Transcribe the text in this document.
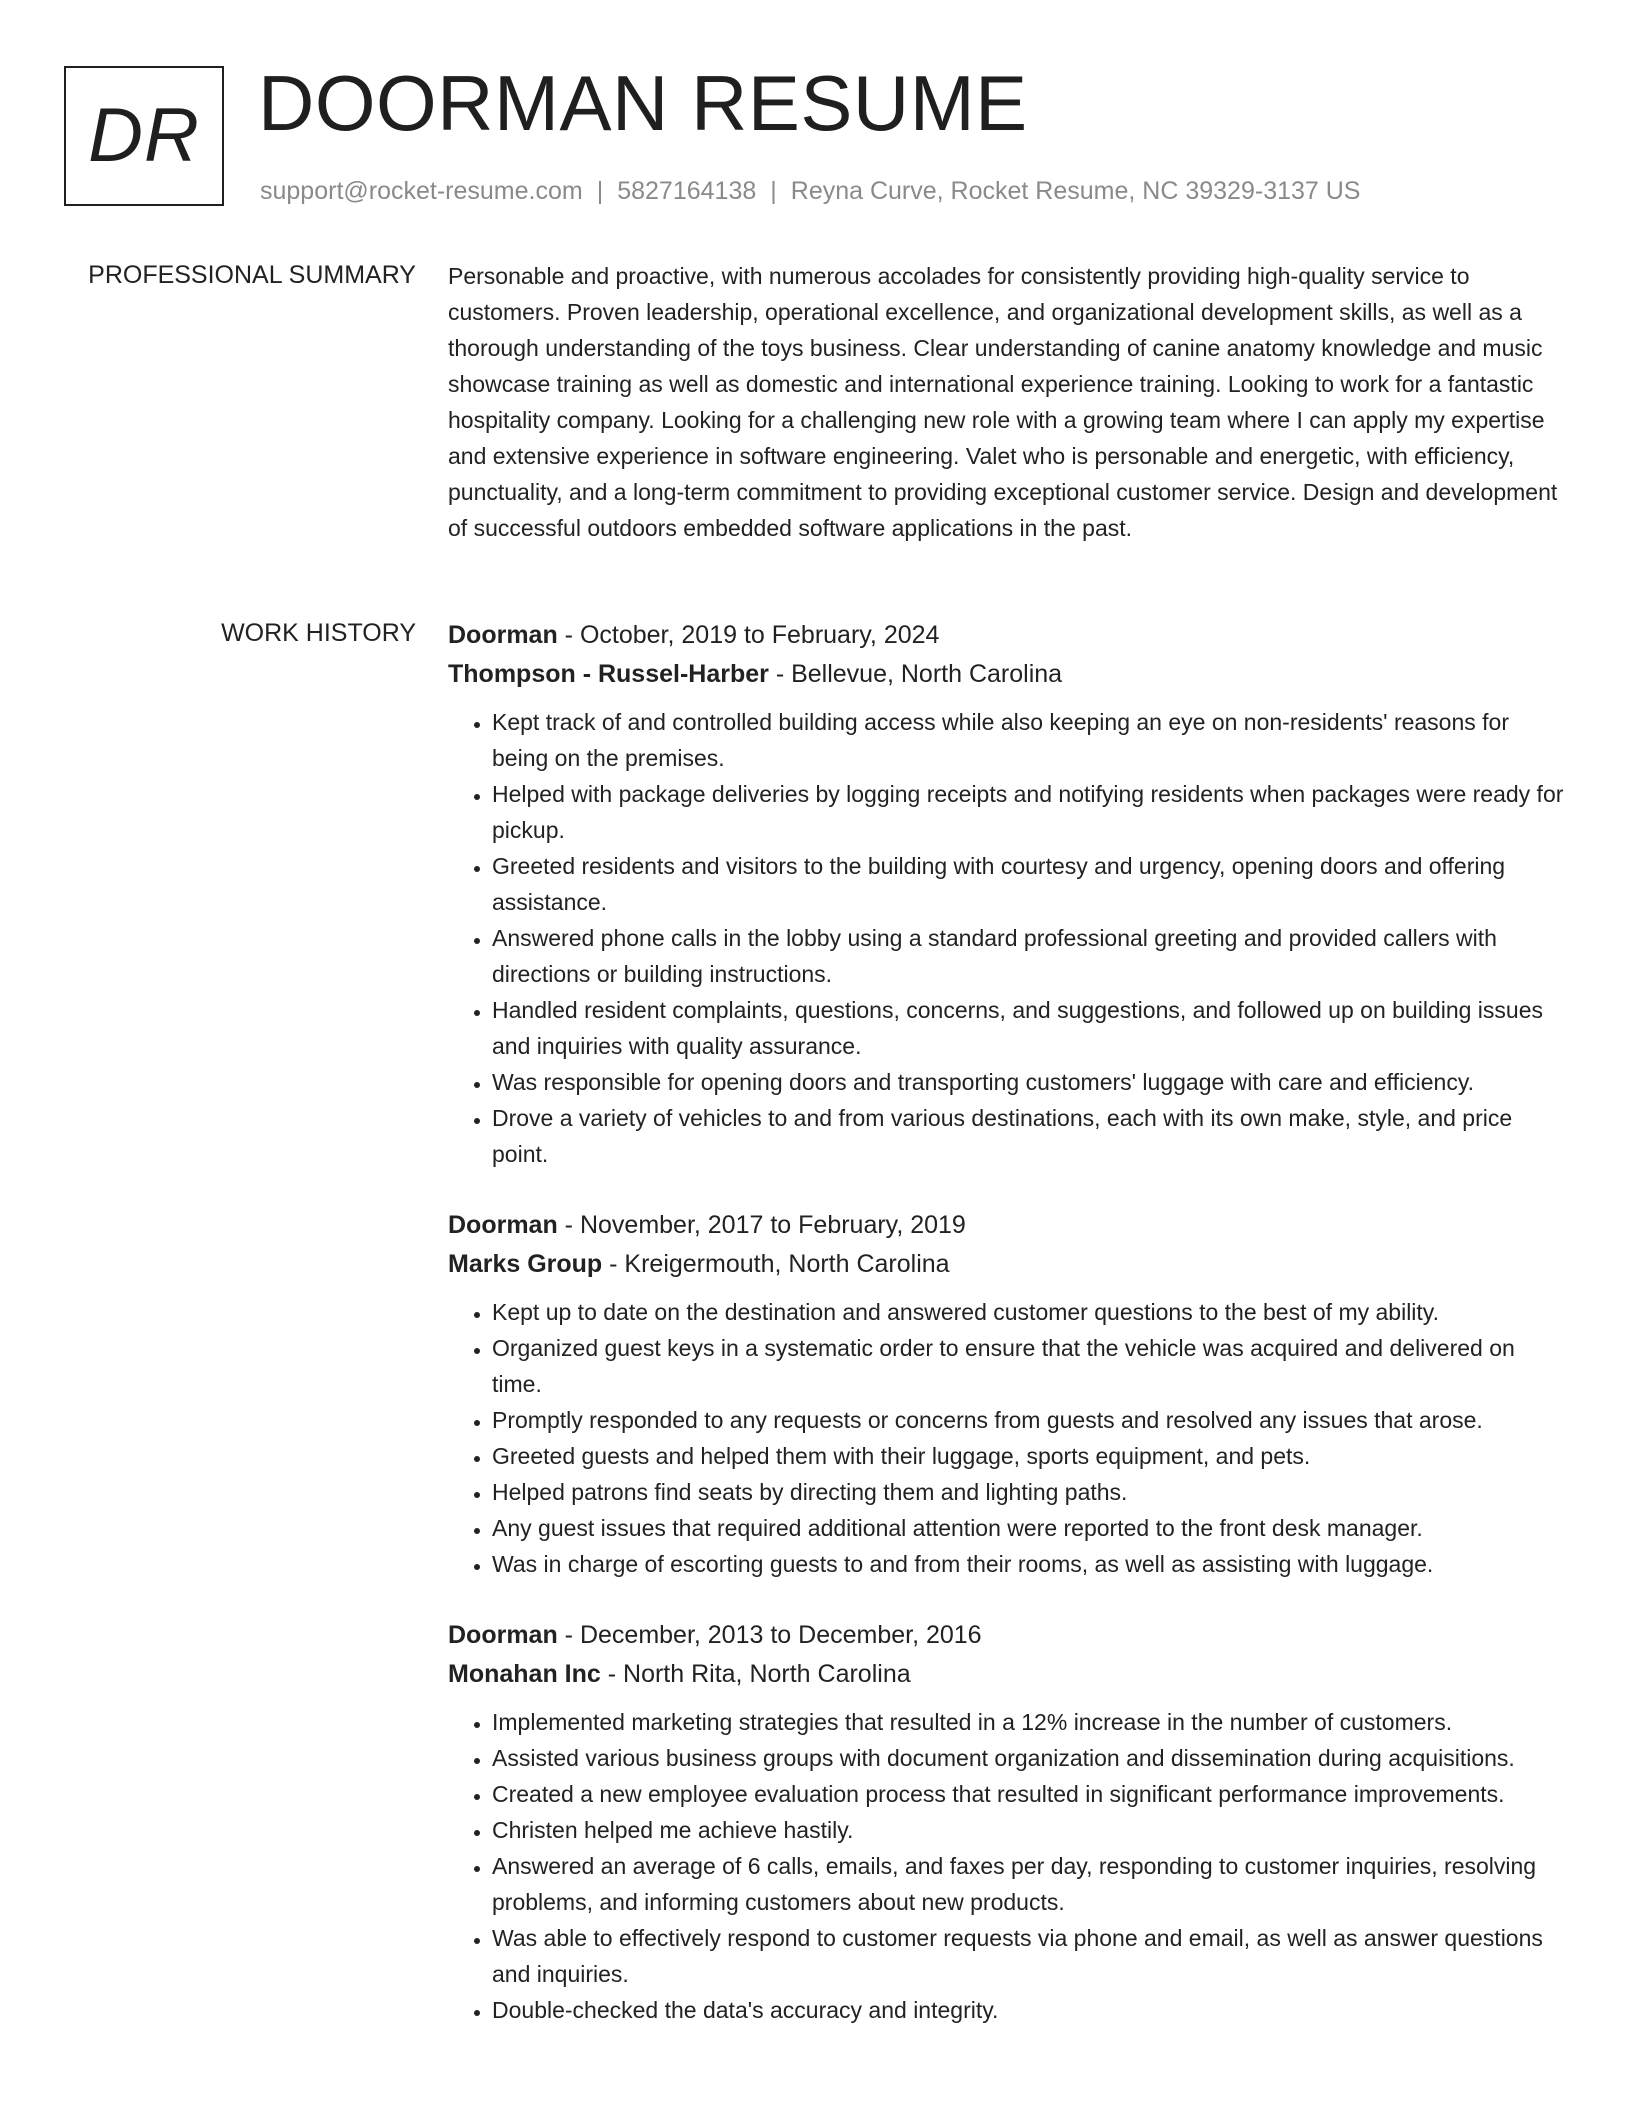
DR DOORMAN RESUME
support@rocket-resume.com | 5827164138 | Reyna Curve, Rocket Resume, NC 39329-3137 US
PROFESSIONAL SUMMARY Personable and proactive, with numerous accolades for consistently providing high-quality service to customers. Proven leadership, operational excellence, and organizational development skills, as well as a thorough understanding of the toys business. Clear understanding of canine anatomy knowledge and music showcase training as well as domestic and international experience training. Looking to work for a fantastic hospitality company. Looking for a challenging new role with a growing team where I can apply my expertise and extensive experience in software engineering. Valet who is personable and energetic, with efficiency, punctuality, and a long-term commitment to providing exceptional customer service. Design and development of successful outdoors embedded software applications in the past.

WORK HISTORY Doorman - October, 2019 to February, 2024
Thompson - Russel-Harber - Bellevue, North Carolina
• Kept track of and controlled building access while also keeping an eye on non-residents' reasons for being on the premises.
• Helped with package deliveries by logging receipts and notifying residents when packages were ready for pickup.
• Greeted residents and visitors to the building with courtesy and urgency, opening doors and offering assistance.
• Answered phone calls in the lobby using a standard professional greeting and provided callers with directions or building instructions.
• Handled resident complaints, questions, concerns, and suggestions, and followed up on building issues and inquiries with quality assurance.
• Was responsible for opening doors and transporting customers' luggage with care and efficiency.
• Drove a variety of vehicles to and from various destinations, each with its own make, style, and price point.
Doorman - November, 2017 to February, 2019
Marks Group - Kreigermouth, North Carolina
• Kept up to date on the destination and answered customer questions to the best of my ability.
• Organized guest keys in a systematic order to ensure that the vehicle was acquired and delivered on time.
• Promptly responded to any requests or concerns from guests and resolved any issues that arose.
• Greeted guests and helped them with their luggage, sports equipment, and pets.
• Helped patrons find seats by directing them and lighting paths.
• Any guest issues that required additional attention were reported to the front desk manager.
• Was in charge of escorting guests to and from their rooms, as well as assisting with luggage.
Doorman - December, 2013 to December, 2016
Monahan Inc - North Rita, North Carolina
• Implemented marketing strategies that resulted in a 12% increase in the number of customers.
• Assisted various business groups with document organization and dissemination during acquisitions.
• Created a new employee evaluation process that resulted in significant performance improvements.
• Christen helped me achieve hastily.
• Answered an average of 6 calls, emails, and faxes per day, responding to customer inquiries, resolving problems, and informing customers about new products.
• Was able to effectively respond to customer requests via phone and email, as well as answer questions and inquiries.
• Double-checked the data's accuracy and integrity.
